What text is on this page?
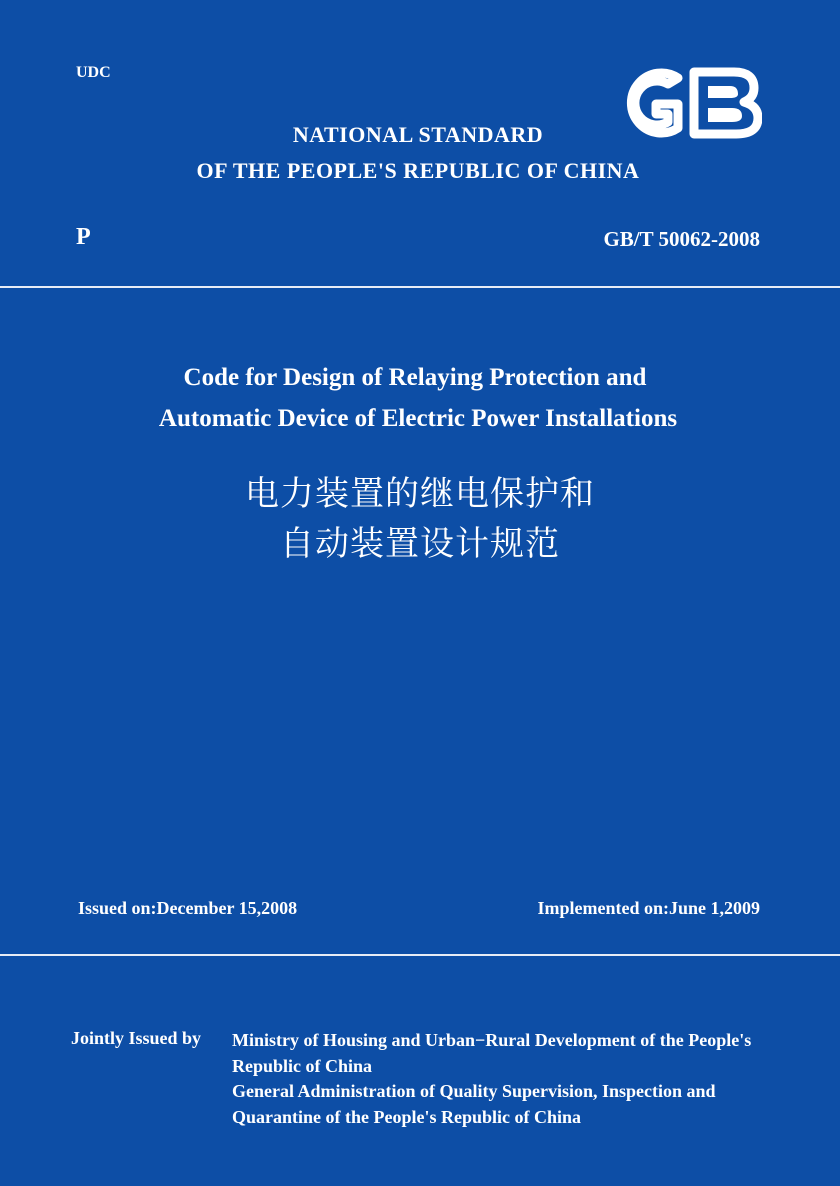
UDC
NATIONAL STANDARD
OF THE PEOPLE'S REPUBLIC OF CHINA
P	GB/T 50062-2008
Code for Design of Relaying Protection and
Automatic Device of Electric Power Installations
电力装置的继电保护和
自动装置设计规范
Issued on:December 15,2008	Implemented on:June 1,2009
Jointly Issued by Ministry of Housing and Urban−Rural Development of the People's
Republic of China
General Administration of Quality Supervision, Inspection and
Quarantine of the People's Republic of China
